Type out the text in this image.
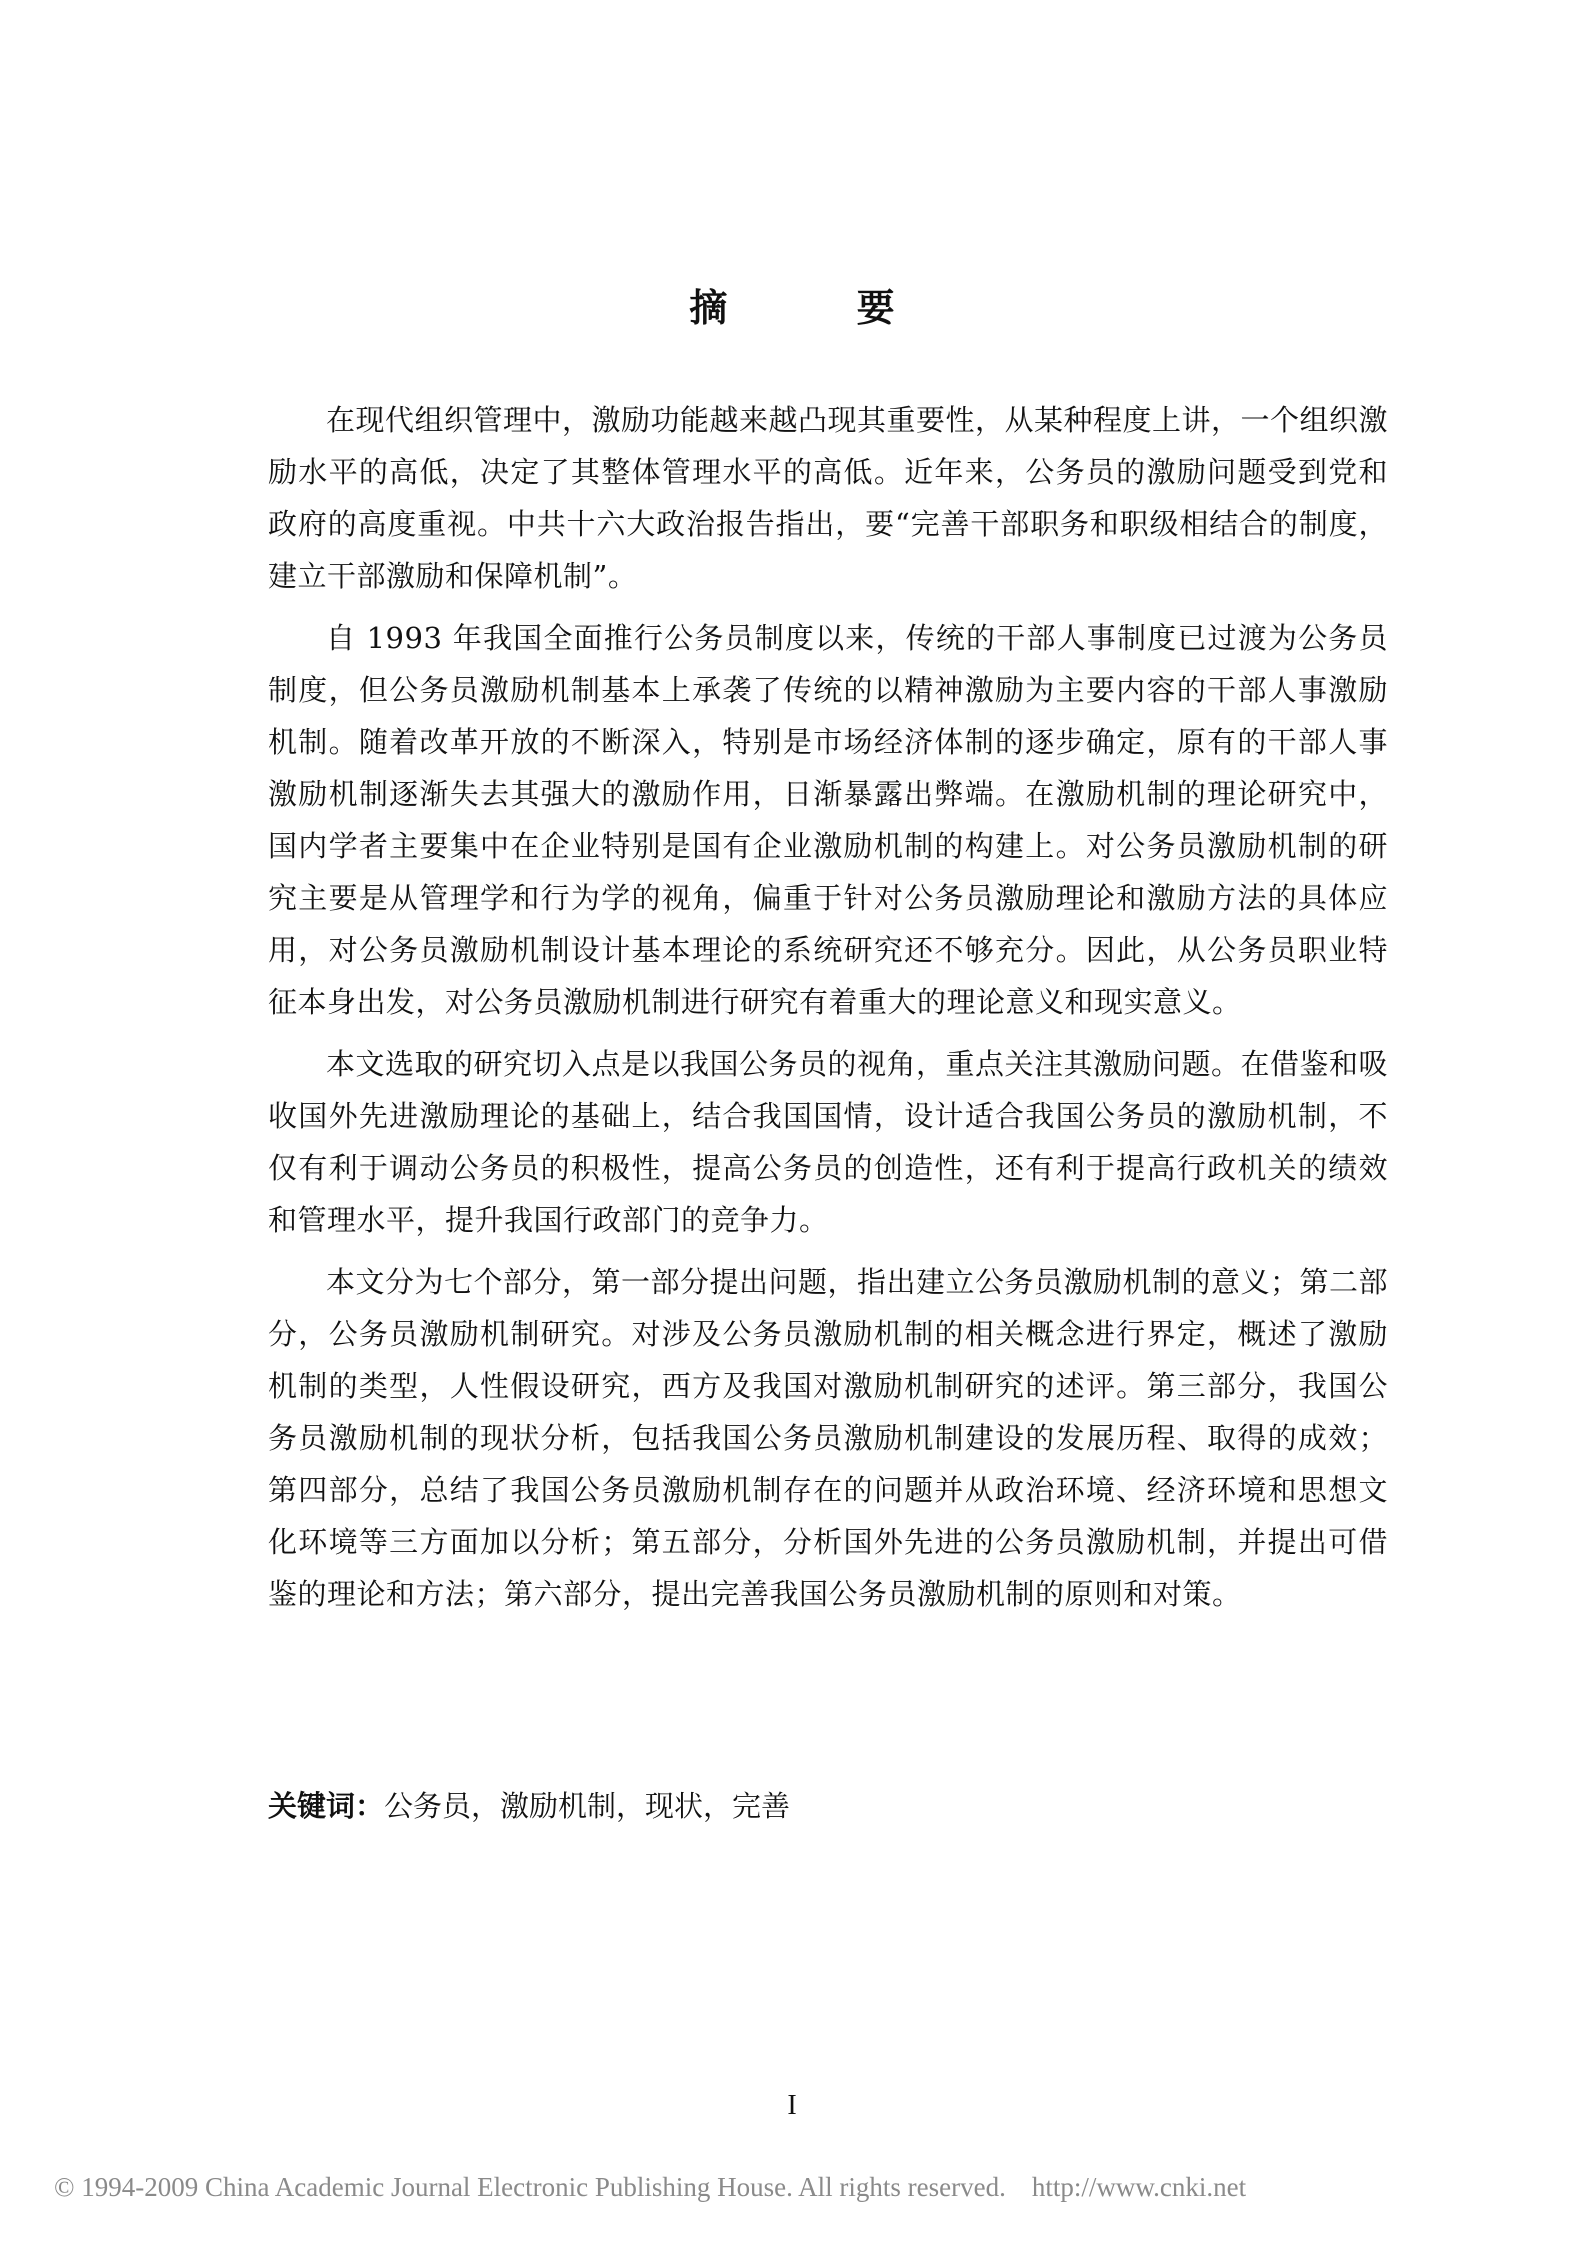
摘 要

在现代组织管理中，激励功能越来越凸现其重要性，从某种程度上讲，一个组织激励水平的高低，决定了其整体管理水平的高低。近年来，公务员的激励问题受到党和政府的高度重视。中共十六大政治报告指出，要“完善干部职务和职级相结合的制度，建立干部激励和保障机制”。

自 1993 年我国全面推行公务员制度以来，传统的干部人事制度已过渡为公务员制度，但公务员激励机制基本上承袭了传统的以精神激励为主要内容的干部人事激励机制。随着改革开放的不断深入，特别是市场经济体制的逐步确定，原有的干部人事激励机制逐渐失去其强大的激励作用，日渐暴露出弊端。在激励机制的理论研究中，国内学者主要集中在企业特别是国有企业激励机制的构建上。对公务员激励机制的研究主要是从管理学和行为学的视角，偏重于针对公务员激励理论和激励方法的具体应用，对公务员激励机制设计基本理论的系统研究还不够充分。因此，从公务员职业特征本身出发，对公务员激励机制进行研究有着重大的理论意义和现实意义。

本文选取的研究切入点是以我国公务员的视角，重点关注其激励问题。在借鉴和吸收国外先进激励理论的基础上，结合我国国情，设计适合我国公务员的激励机制，不仅有利于调动公务员的积极性，提高公务员的创造性，还有利于提高行政机关的绩效和管理水平，提升我国行政部门的竞争力。

本文分为七个部分，第一部分提出问题，指出建立公务员激励机制的意义；第二部分，公务员激励机制研究。对涉及公务员激励机制的相关概念进行界定，概述了激励机制的类型，人性假设研究，西方及我国对激励机制研究的述评。第三部分，我国公务员激励机制的现状分析，包括我国公务员激励机制建设的发展历程、取得的成效；第四部分，总结了我国公务员激励机制存在的问题并从政治环境、经济环境和思想文化环境等三方面加以分析；第五部分，分析国外先进的公务员激励机制，并提出可借鉴的理论和方法；第六部分，提出完善我国公务员激励机制的原则和对策。

关键词：公务员，激励机制，现状，完善
I
© 1994-2009 China Academic Journal Electronic Publishing House. All rights reserved. http://www.cnki.net
